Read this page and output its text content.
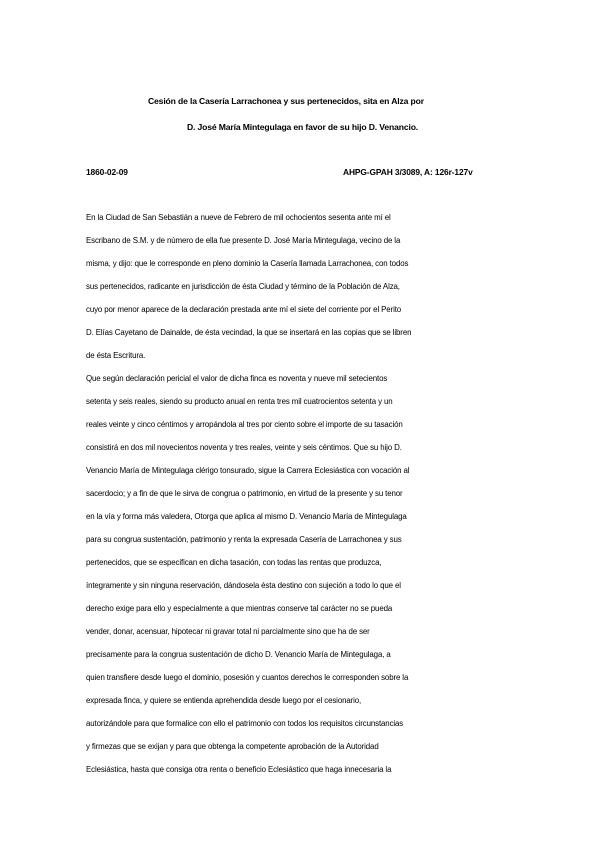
Cesión de la Casería Larrachonea y sus pertenecidos, sita en Alza por
D. José María Mintegulaga en favor de su hijo D. Venancio.
1860-02-09	AHPG-GPAH 3/3089, A: 126r-127v
En la Ciudad de San Sebastián a nueve de Febrero de mil ochocientos sesenta ante mí el
Escribano de S.M. y de número de ella fue presente D. José María Mintegulaga, vecino de la
misma, y dijo: que le corresponde en pleno dominio la Casería llamada Larrachonea, con todos
sus pertenecidos, radicante en jurisdicción de ésta Ciudad y término de la Población de Alza,
cuyo por menor aparece de la declaración prestada ante mí el siete del corriente por el Perito
D. Elías Cayetano de Dainalde, de ésta vecindad, la que se insertará en las copias que se libren
de ésta Escritura.
Que según declaración pericial el valor de dicha finca es noventa y nueve mil setecientos
setenta y seis reales, siendo su producto anual en renta tres mil cuatrocientos setenta y un
reales veinte y cinco céntimos y arropándola al tres por ciento sobre el importe de su tasación
consistirá en dos mil novecientos noventa y tres reales, veinte y seis céntimos. Que su hijo D.
Venancio María de Mintegulaga clérigo tonsurado, sigue la Carrera Eclesiástica con vocación al
sacerdocio; y a fin de que le sirva de congrua o patrimonio, en virtud de la presente y su tenor
en la vía y forma más valedera, Otorga que aplica al mismo D. Venancio María de Mintegulaga
para su congrua sustentación, patrimonio y renta la expresada Casería de Larrachonea y sus
pertenecidos, que se especifican en dicha tasación, con todas las rentas que produzca,
íntegramente y sin ninguna reservación, dándosela ésta destino con sujeción a todo lo que el
derecho exige para ello y especialmente a que mientras conserve tal carácter no se pueda
vender, donar, acensuar, hipotecar ni gravar total ni parcialmente sino que ha de ser
precisamente para la congrua sustentación de dicho D. Venancio María de Mintegulaga, a
quien transfiere desde luego el dominio, posesión y cuantos derechos le corresponden sobre la
expresada finca, y quiere se entienda aprehendida desde luego por el cesionario,
autorizándole para que formalice con ello el patrimonio con todos los requisitos circunstancias
y firmezas que se exijan y para que obtenga la competente aprobación de la Autoridad
Eclesiástica, hasta que consiga otra renta o beneficio Eclesiástico que haga innecesaria la
